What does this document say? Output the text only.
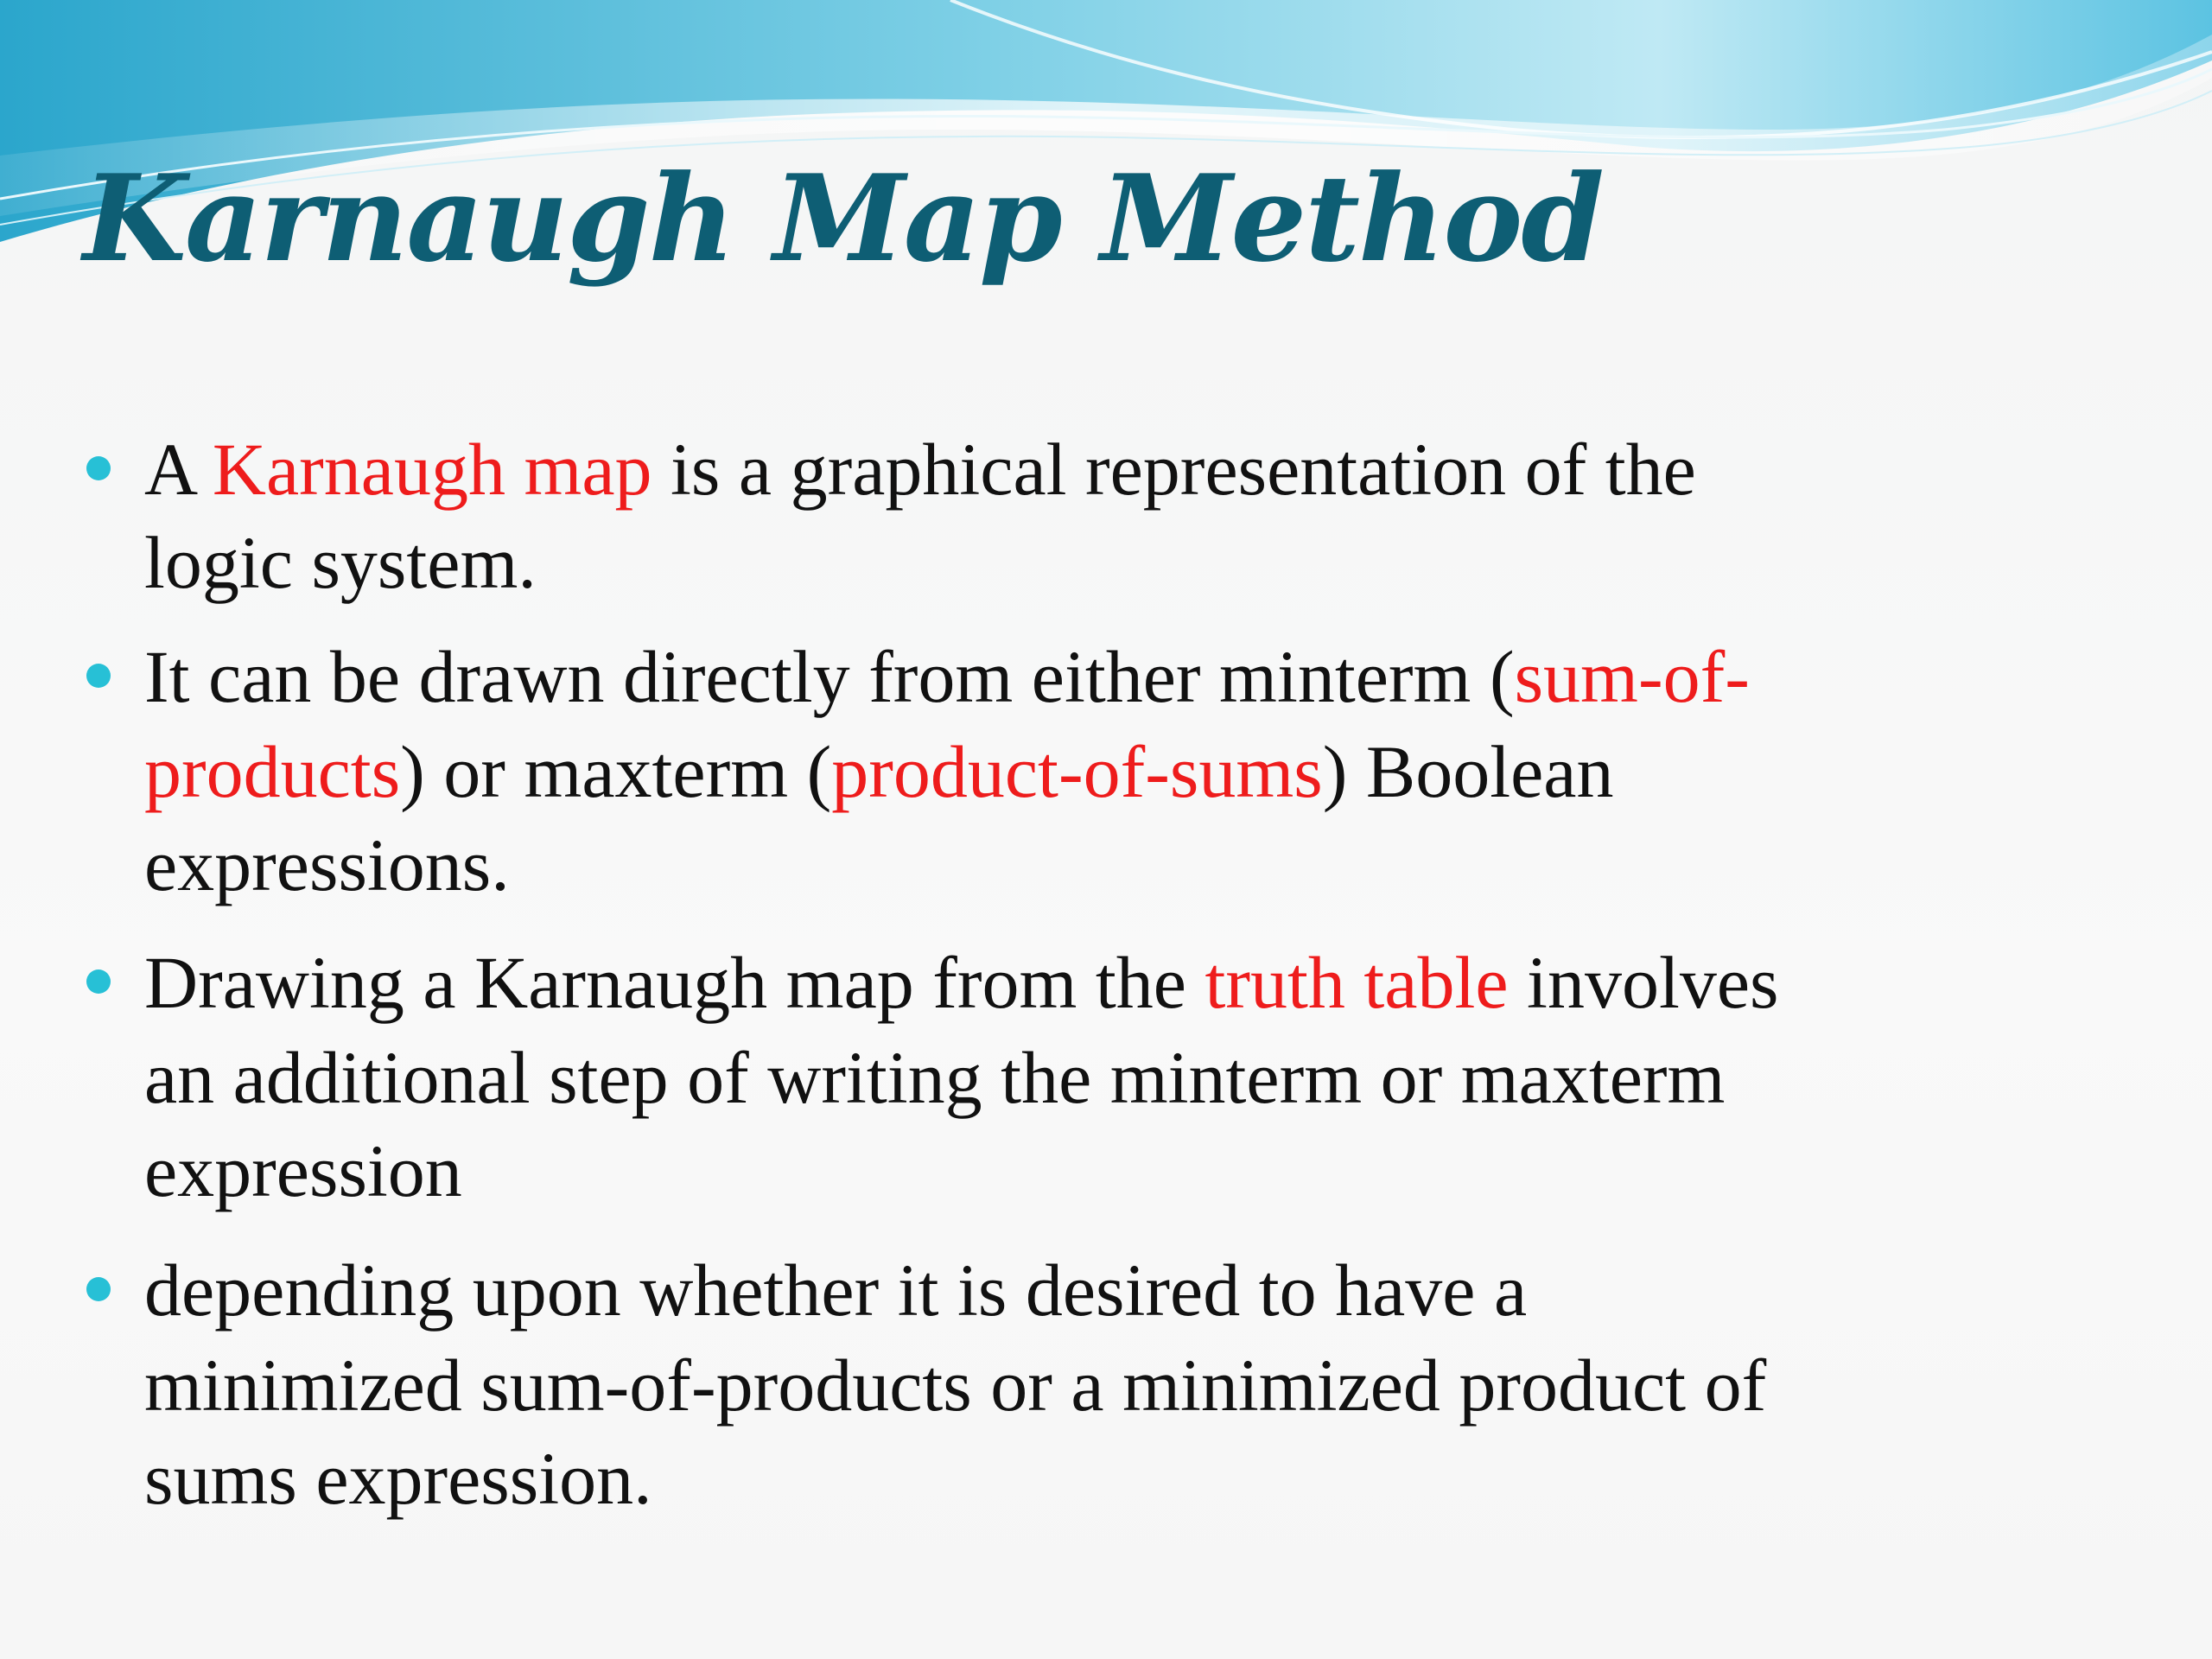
Karnaugh Map Method

A Karnaugh map is a graphical representation of the

logic system.

It can be drawn directly from either minterm (sum-of-

products) or maxterm (product-of-sums) Boolean

expressions.

Drawing a Karnaugh map from the truth table involves

an additional step of writing the minterm or maxterm

expression

depending upon whether it is desired to have a

minimized sum-of-products or a minimized product of

sums expression.
